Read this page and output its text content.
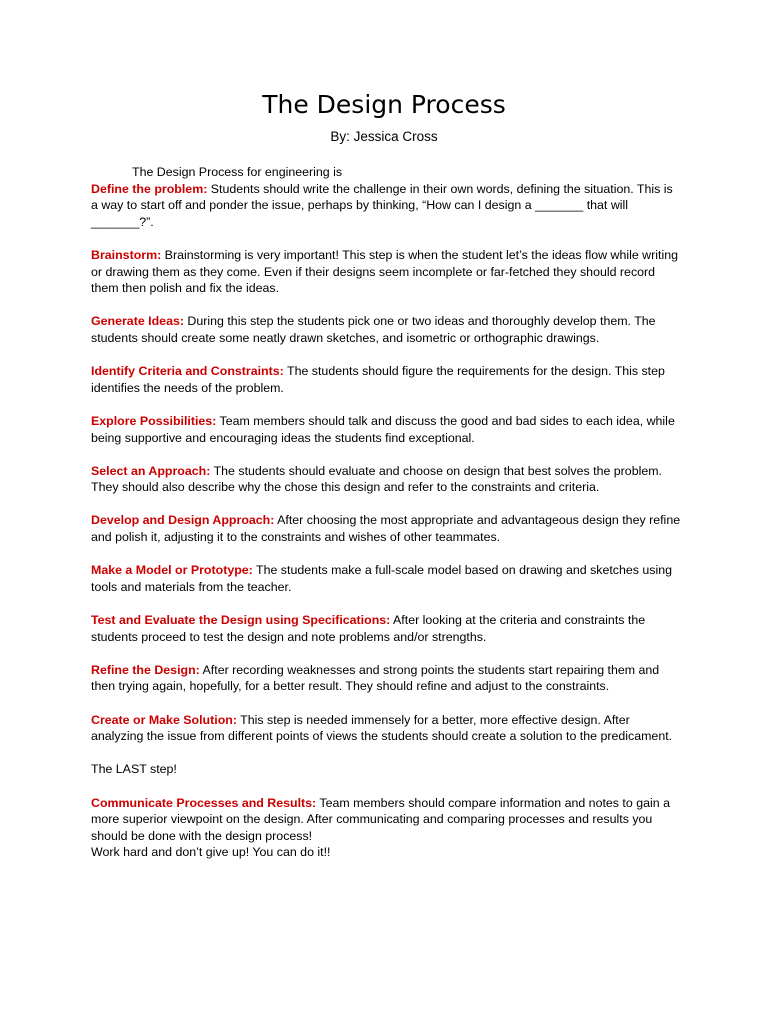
The Design Process
By: Jessica Cross

The Design Process for engineering is

Define the problem: Students should write the challenge in their own words, defining the situation. This is a way to start off and ponder the issue, perhaps by thinking, “How can I design a _______ that will _______?”.

Brainstorm: Brainstorming is very important! This step is when the student let’s the ideas flow while writing or drawing them as they come. Even if their designs seem incomplete or far-fetched they should record them then polish and fix the ideas.

Generate Ideas: During this step the students pick one or two ideas and thoroughly develop them. The students should create some neatly drawn sketches, and isometric or orthographic drawings.

Identify Criteria and Constraints: The students should figure the requirements for the design. This step identifies the needs of the problem.

Explore Possibilities: Team members should talk and discuss the good and bad sides to each idea, while being supportive and encouraging ideas the students find exceptional.

Select an Approach: The students should evaluate and choose on design that best solves the problem. They should also describe why the chose this design and refer to the constraints and criteria.

Develop and Design Approach: After choosing the most appropriate and advantageous design they refine and polish it, adjusting it to the constraints and wishes of other teammates.

Make a Model or Prototype: The students make a full-scale model based on drawing and sketches using tools and materials from the teacher.

Test and Evaluate the Design using Specifications: After looking at the criteria and constraints the students proceed to test the design and note problems and/or strengths.

Refine the Design: After recording weaknesses and strong points the students start repairing them and then trying again, hopefully, for a better result. They should refine and adjust to the constraints.

Create or Make Solution: This step is needed immensely for a better, more effective design. After analyzing the issue from different points of views the students should create a solution to the predicament.

The LAST step!

Communicate Processes and Results: Team members should compare information and notes to gain a more superior viewpoint on the design. After communicating and comparing processes and results you should be done with the design process!

Work hard and don’t give up! You can do it!!
